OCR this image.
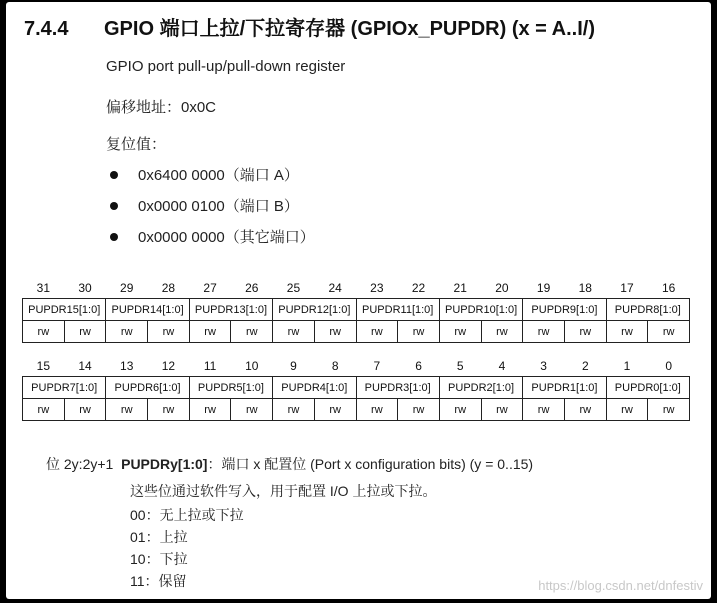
7.4.4 GPIO 端口上拉/下拉寄存器 (GPIOx_PUPDR) (x = A..I/)
GPIO port pull-up/pull-down register
偏移地址：0x0C
复位值：
0x6400 0000（端口 A）
0x0000 0100（端口 B）
0x0000 0000（其它端口）
31	30	29	28	27	26	25	24	23	22	21	20	19	18	17	16
PUPDR15[1:0]		PUPDR14[1:0]		PUPDR13[1:0]		PUPDR12[1:0]		PUPDR11[1:0]		PUPDR10[1:0]		PUPDR9[1:0]		PUPDR8[1:0]	
rw	rw	rw	rw	rw	rw	rw	rw	rw	rw	rw	rw	rw	rw	rw	rw
15	14	13	12	11	10	9	8	7	6	5	4	3	2	1	0
PUPDR7[1:0]		PUPDR6[1:0]		PUPDR5[1:0]		PUPDR4[1:0]		PUPDR3[1:0]		PUPDR2[1:0]		PUPDR1[1:0]		PUPDR0[1:0]	
rw	rw	rw	rw	rw	rw	rw	rw	rw	rw	rw	rw	rw	rw	rw	rw
位 2y:2y+1 PUPDRy[1:0]：端口 x 配置位 (Port x configuration bits) (y = 0..15)
这些位通过软件写入，用于配置 I/O 上拉或下拉。
00：无上拉或下拉
01：上拉
10：下拉
11：保留	https://blog.csdn.net/dnfestiv
